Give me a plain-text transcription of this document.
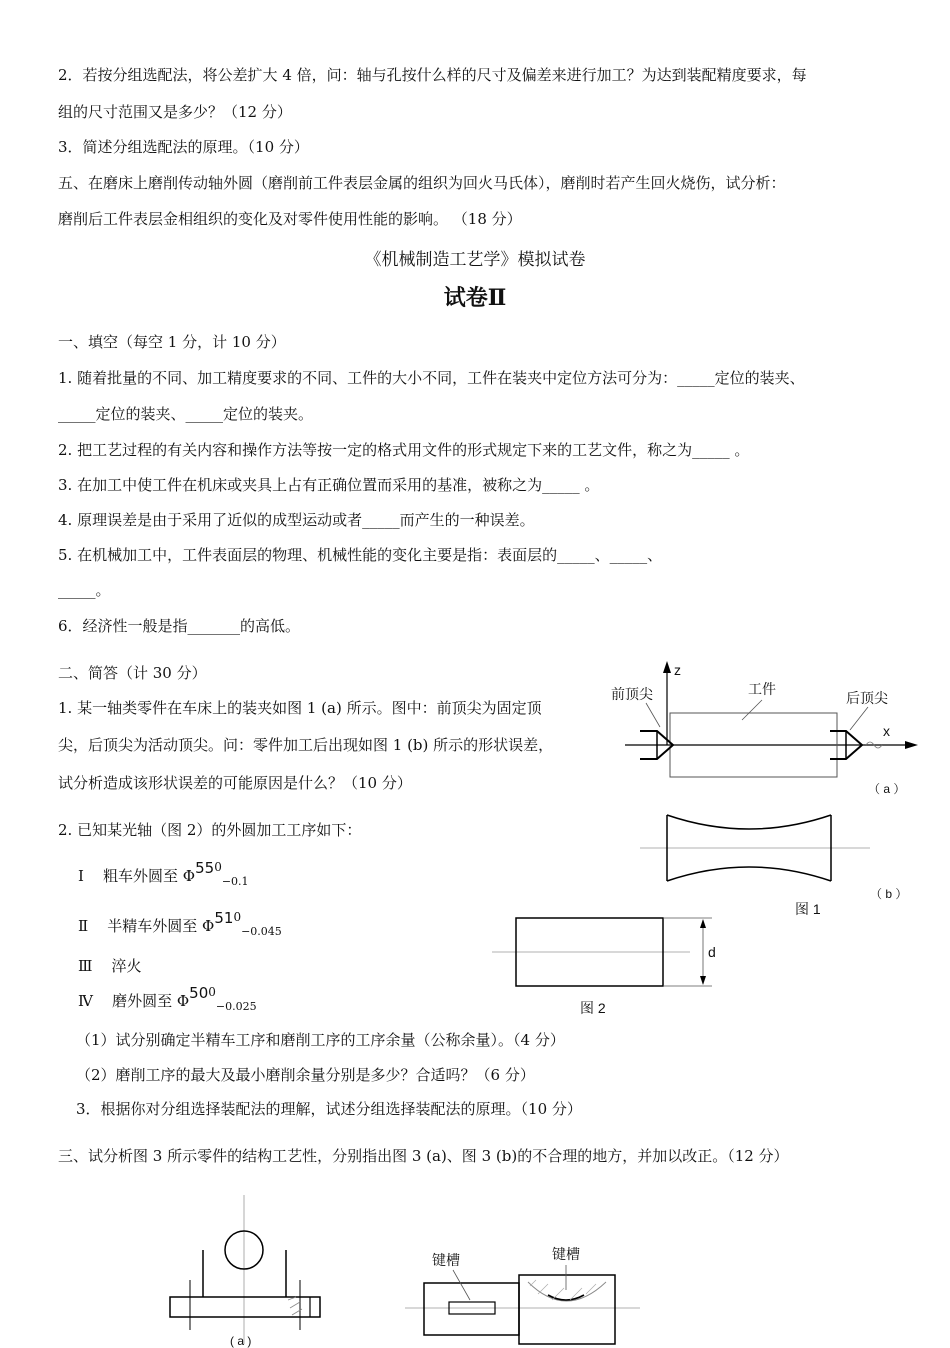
2．若按分组选配法，将公差扩大 4 倍，问：轴与孔按什么样的尺寸及偏差来进行加工？为达到装配精度要求，每
组的尺寸范围又是多少？（12 分）
3．简述分组选配法的原理。（10 分）
五、在磨床上磨削传动轴外圆（磨削前工件表层金属的组织为回火马氏体），磨削时若产生回火烧伤，试分析：
磨削后工件表层金相组织的变化及对零件使用性能的影响。 （18 分）
《机械制造工艺学》模拟试卷
试卷Ⅱ
一、填空（每空 1 分，计 10 分）
1. 随着批量的不同、加工精度要求的不同、工件的大小不同，工件在装夹中定位方法可分为：_____定位的装夹、
_____定位的装夹、_____定位的装夹。
2. 把工艺过程的有关内容和操作方法等按一定的格式用文件的形式规定下来的工艺文件，称之为_____ 。
3. 在加工中使工件在机床或夹具上占有正确位置而采用的基准，被称之为_____ 。
4. 原理误差是由于采用了近似的成型运动或者_____而产生的一种误差。
5. 在机械加工中，工件表面层的物理、机械性能的变化主要是指：表面层的_____、_____、
_____。
6．经济性一般是指_______的高低。
二、简答（计 30 分）
1. 某一轴类零件在车床上的装夹如图 1 (a) 所示。图中：前顶尖为固定顶
尖，后顶尖为活动顶尖。问：零件加工后出现如图 1 (b) 所示的形状误差，
试分析造成该形状误差的可能原因是什么？（10 分）
2. 已知某光轴（图 2）的外圆加工工序如下：
Ⅰ 粗车外圆至 $\Phi 55^0_{-0.1}$
Ⅱ 半精车外圆至 $\Phi 51^0_{-0.045}$
Ⅲ 淬火
Ⅳ 磨外圆至 $\Phi 50^0_{-0.025}$
（1）试分别确定半精车工序和磨削工序的工序余量（公称余量）。（4 分）
（2）磨削工序的最大及最小磨削余量分别是多少？合适吗？（6 分）
3．根据你对分组选择装配法的理解，试述分组选择装配法的原理。（10 分）
三、试分析图 3 所示零件的结构工艺性，分别指出图 3 (a)、图 3 (b)的不合理的地方，并加以改正。（12 分）
前顶尖	工件
后顶尖
z
x
（ a ）
（ b ）
图 1
d
图 2
键槽	键槽
( a )
